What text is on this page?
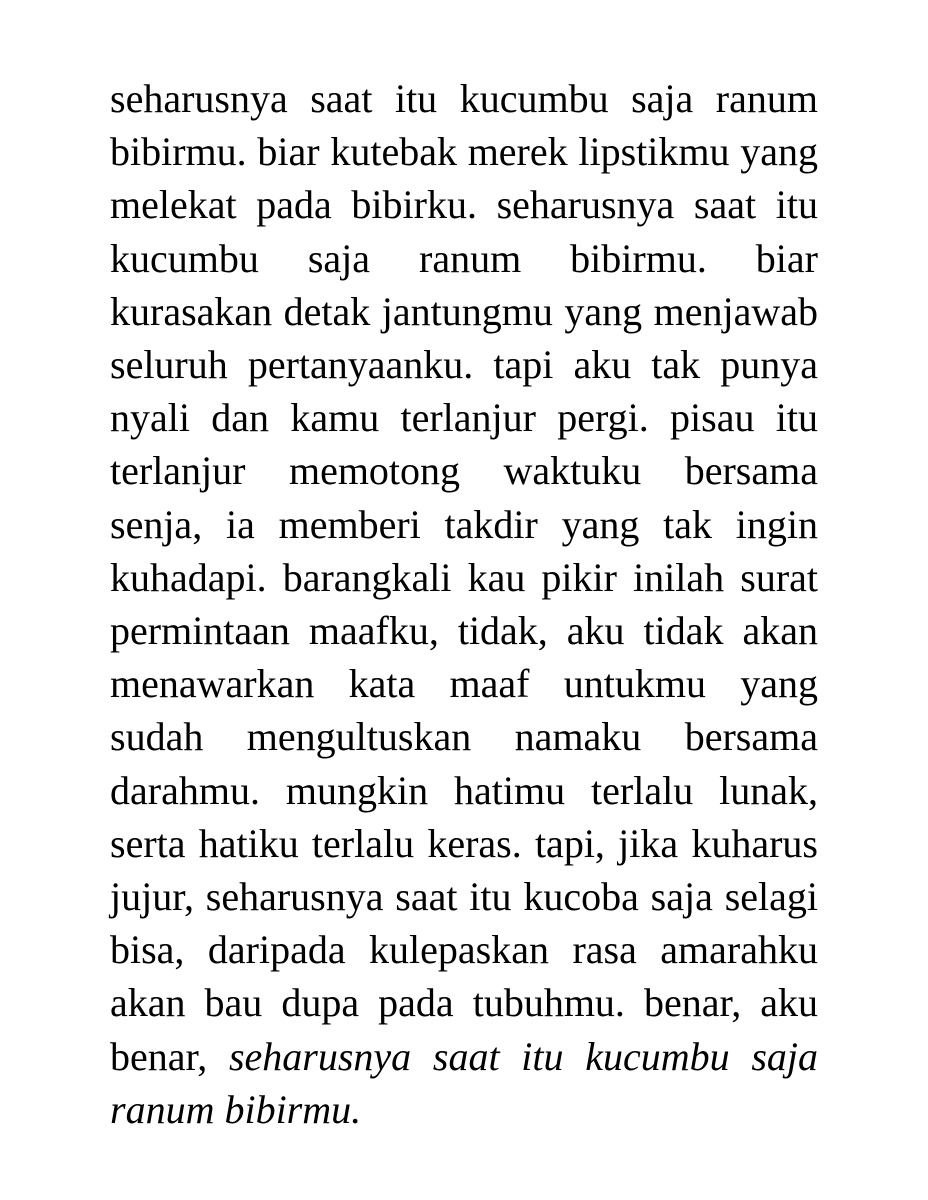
seharusnya saat itu kucumbu saja ranum bibirmu. biar kutebak merek lipstikmu yang melekat pada bibirku. seharusnya saat itu kucumbu saja ranum bibirmu. biar kurasakan detak jantungmu yang menjawab seluruh pertanyaanku. tapi aku tak punya nyali dan kamu terlanjur pergi. pisau itu terlanjur memotong waktuku bersama senja, ia memberi takdir yang tak ingin kuhadapi. barangkali kau pikir inilah surat permintaan maafku, tidak, aku tidak akan menawarkan kata maaf untukmu yang sudah mengultuskan namaku bersama darahmu. mungkin hatimu terlalu lunak, serta hatiku terlalu keras. tapi, jika kuharus jujur, seharusnya saat itu kucoba saja selagi bisa, daripada kulepaskan rasa amarahku akan bau dupa pada tubuhmu. benar, aku benar, seharusnya saat itu kucumbu saja ranum bibirmu.
